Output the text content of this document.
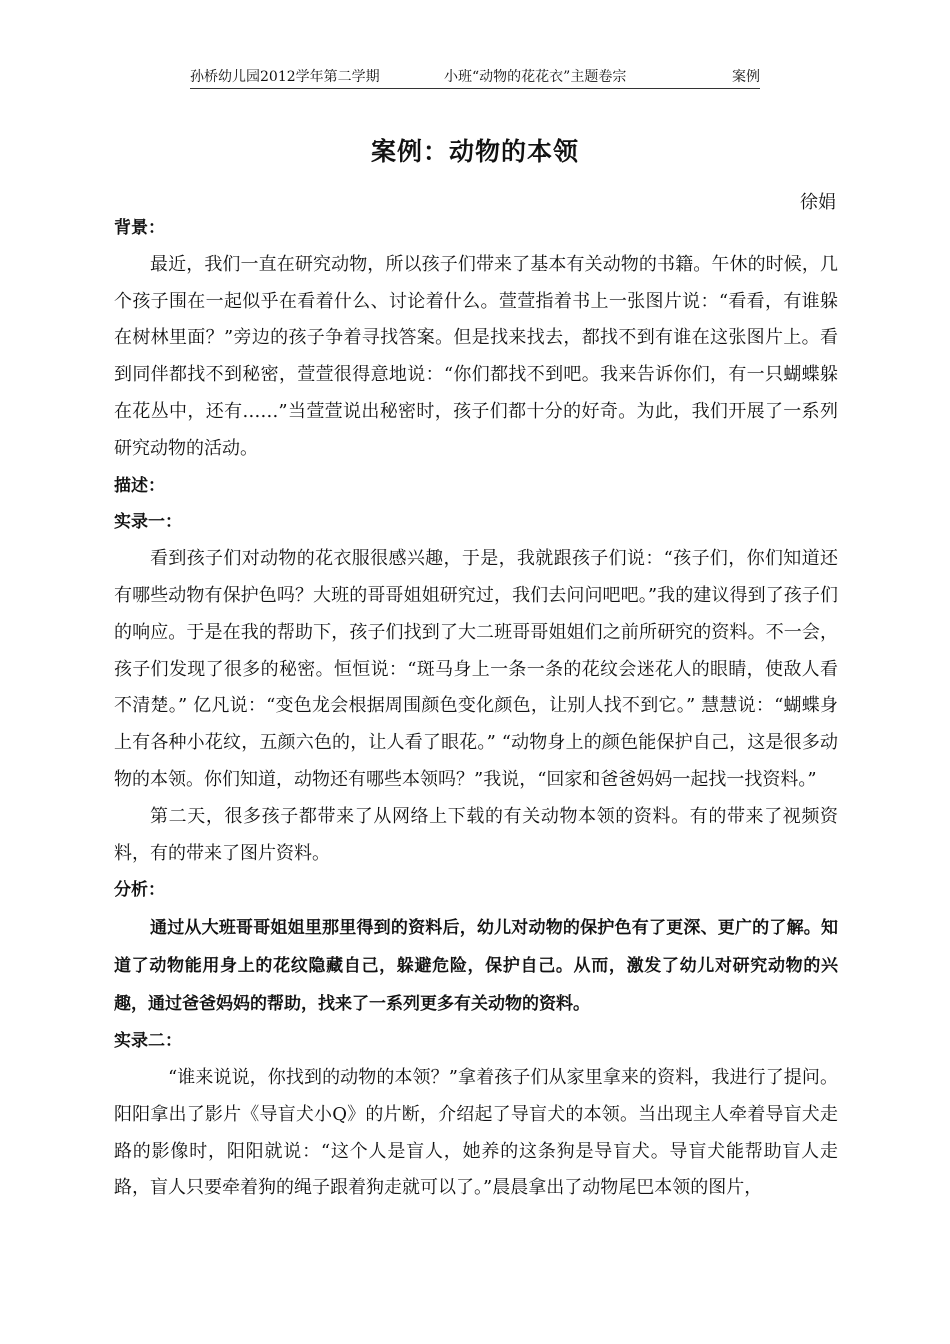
孙桥幼儿园2012学年第二学期	小班“动物的花花衣”主题卷宗	案例
案例：动物的本领
徐娟

背景：

最近，我们一直在研究动物，所以孩子们带来了基本有关动物的书籍。午休的时候，几个孩子围在一起似乎在看着什么、讨论着什么。萱萱指着书上一张图片说：“看看，有谁躲在树林里面？”旁边的孩子争着寻找答案。但是找来找去，都找不到有谁在这张图片上。看到同伴都找不到秘密，萱萱很得意地说：“你们都找不到吧。我来告诉你们，有一只蝴蝶躲在花丛中，还有……”当萱萱说出秘密时，孩子们都十分的好奇。为此，我们开展了一系列研究动物的活动。

描述：

实录一：

看到孩子们对动物的花衣服很感兴趣，于是，我就跟孩子们说：“孩子们，你们知道还有哪些动物有保护色吗？大班的哥哥姐姐研究过，我们去问问吧吧。”我的建议得到了孩子们的响应。于是在我的帮助下，孩子们找到了大二班哥哥姐姐们之前所研究的资料。不一会，孩子们发现了很多的秘密。恒恒说：“斑马身上一条一条的花纹会迷花人的眼睛，使敌人看不清楚。” 亿凡说：“变色龙会根据周围颜色变化颜色，让别人找不到它。” 慧慧说：“蝴蝶身上有各种小花纹，五颜六色的，让人看了眼花。” “动物身上的颜色能保护自己，这是很多动物的本领。你们知道，动物还有哪些本领吗？”我说，“回家和爸爸妈妈一起找一找资料。”

第二天，很多孩子都带来了从网络上下载的有关动物本领的资料。有的带来了视频资料，有的带来了图片资料。

分析：

通过从大班哥哥姐姐里那里得到的资料后，幼儿对动物的保护色有了更深、更广的了解。知道了动物能用身上的花纹隐藏自己，躲避危险，保护自己。从而，激发了幼儿对研究动物的兴趣，通过爸爸妈妈的帮助，找来了一系列更多有关动物的资料。

实录二：

“谁来说说，你找到的动物的本领？”拿着孩子们从家里拿来的资料，我进行了提问。阳阳拿出了影片《导盲犬小Q》的片断，介绍起了导盲犬的本领。当出现主人牵着导盲犬走路的影像时，阳阳就说：“这个人是盲人，她养的这条狗是导盲犬。导盲犬能帮助盲人走路，盲人只要牵着狗的绳子跟着狗走就可以了。”晨晨拿出了动物尾巴本领的图片，
